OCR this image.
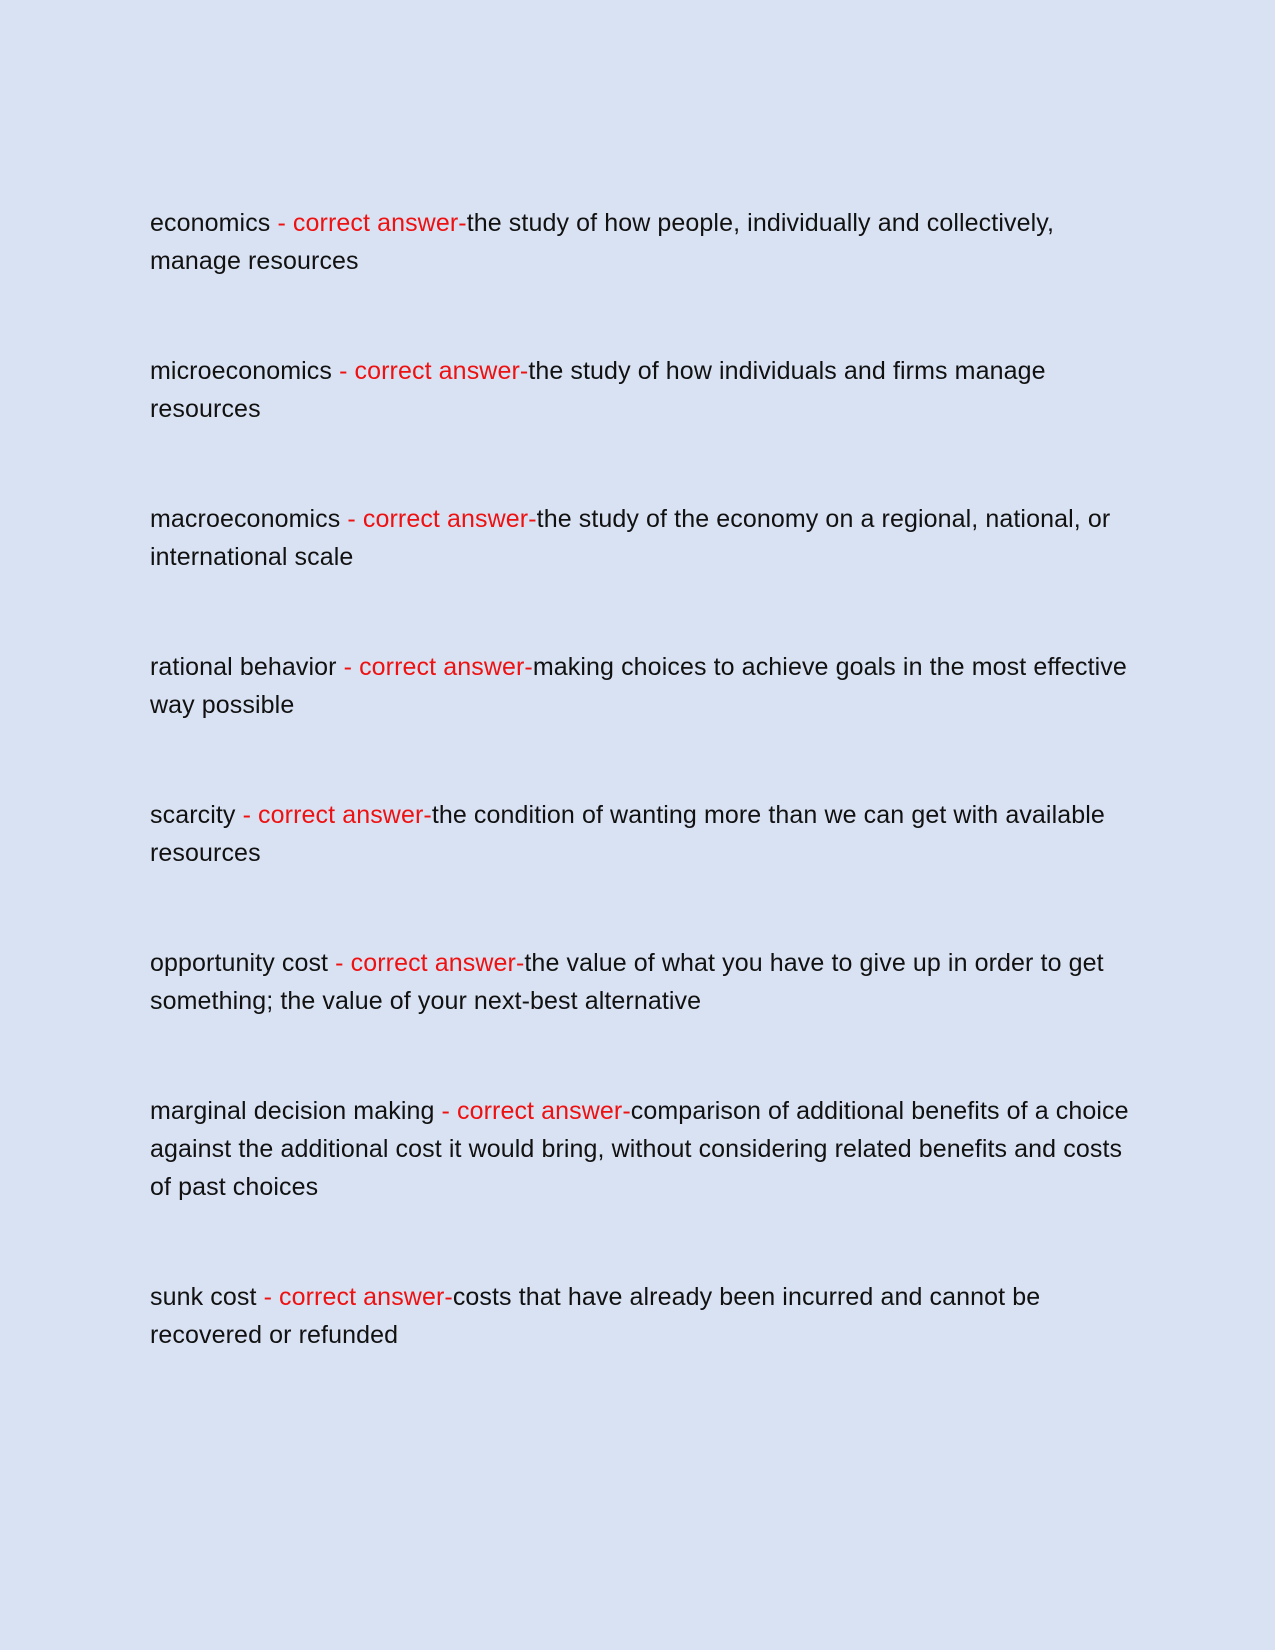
economics - correct answer-the study of how people, individually and collectively, manage resources

microeconomics - correct answer-the study of how individuals and firms manage resources

macroeconomics - correct answer-the study of the economy on a regional, national, or international scale

rational behavior - correct answer-making choices to achieve goals in the most effective way possible

scarcity - correct answer-the condition of wanting more than we can get with available resources

opportunity cost - correct answer-the value of what you have to give up in order to get something; the value of your next-best alternative

marginal decision making - correct answer-comparison of additional benefits of a choice against the additional cost it would bring, without considering related benefits and costs of past choices

sunk cost - correct answer-costs that have already been incurred and cannot be recovered or refunded
